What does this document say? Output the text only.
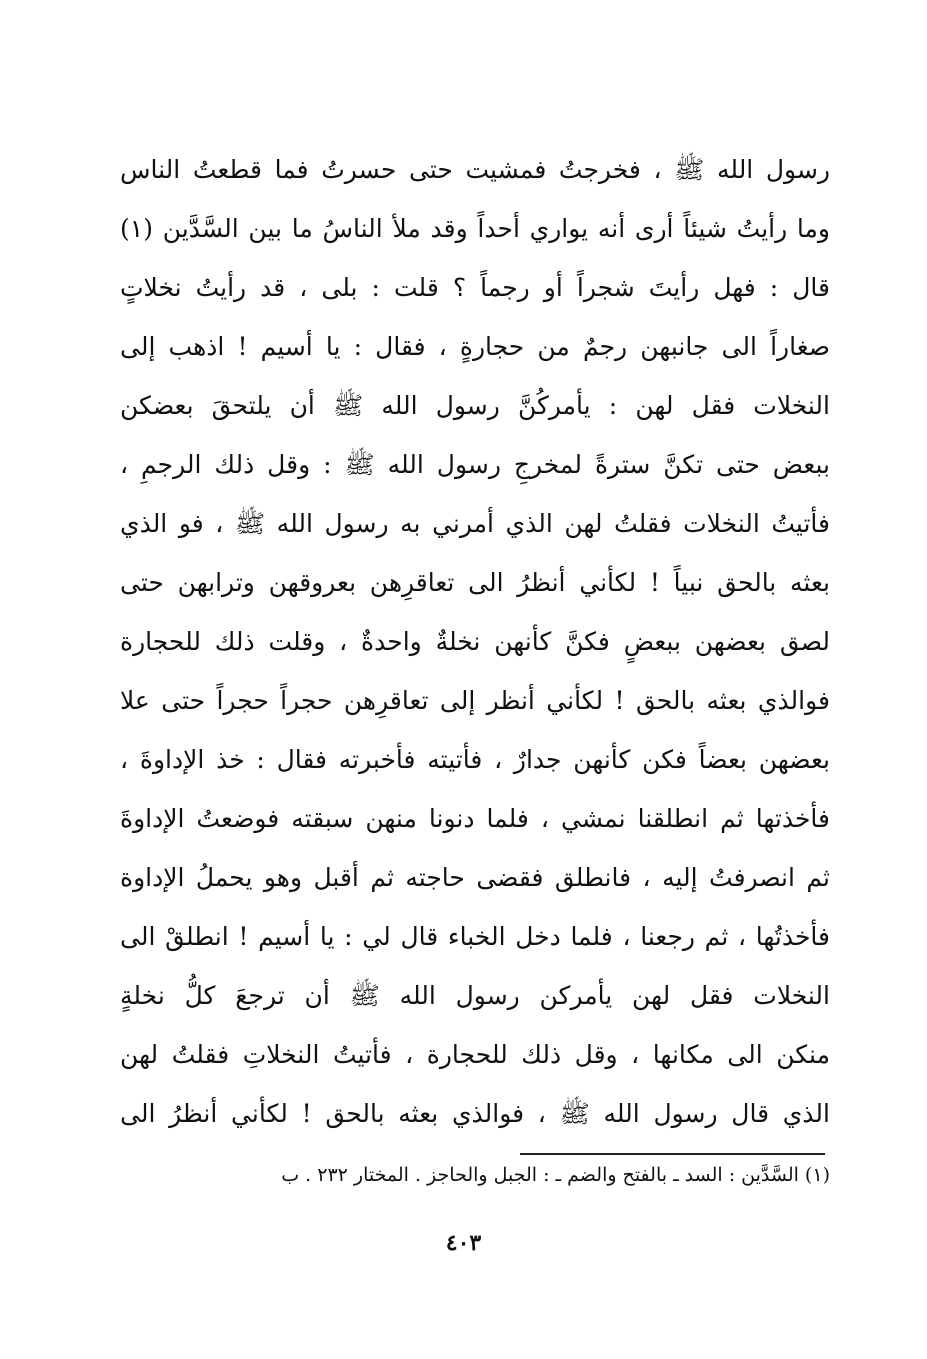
رسول الله ﷺ ، فخرجتُ فمشيت حتى حسرتُ فما قطعتُ الناس
وما رأيتُ شيئاً أرى أنه يواري أحداً وقد ملأ الناسُ ما بين السَّدَّين (١)
قال : فهل رأيتَ شجراً أو رجماً ؟ قلت : بلى ، قد رأيتُ نخلاتٍ
صغاراً الى جانبهن رجمٌ من حجارةٍ ، فقال : يا أسيم ! اذهب إلى
النخلات فقل لهن : يأمركُنَّ رسول الله ﷺ أن يلتحقَ بعضكن
ببعض حتى تكنَّ سترةً لمخرجِ رسول الله ﷺ : وقل ذلك الرجمِ ،
فأتيتُ النخلات فقلتُ لهن الذي أمرني به رسول الله ﷺ ، فو الذي
بعثه بالحق نبياً ! لكأني أنظرُ الى تعاقرِهن بعروقهن وترابهن حتى
لصق بعضهن ببعضٍ فكنَّ كأنهن نخلةٌ واحدةٌ ، وقلت ذلك للحجارة
فوالذي بعثه بالحق ! لكأني أنظر إلى تعاقرِهن حجراً حجراً حتى علا
بعضهن بعضاً فكن كأنهن جدارٌ ، فأتيته فأخبرته فقال : خذ الإداوةَ ،
فأخذتها ثم انطلقنا نمشي ، فلما دنونا منهن سبقته فوضعتُ الإداوةَ
ثم انصرفتُ إليه ، فانطلق فقضى حاجته ثم أقبل وهو يحملُ الإداوة
فأخذتُها ، ثم رجعنا ، فلما دخل الخباء قال لي : يا أسيم ! انطلقْ الى
النخلات فقل لهن يأمركن رسول الله ﷺ أن ترجعَ كلُّ نخلةٍ
منكن الى مكانها ، وقل ذلك للحجارة ، فأتيتُ النخلاتِ فقلتُ لهن
الذي قال رسول الله ﷺ ، فوالذي بعثه بالحق ! لكأني أنظرُ الى
(١) السَّدَّين : السد ـ بالفتح والضم ـ : الجبل والحاجز . المختار ٢٣٢ . ب
٤٠٣
